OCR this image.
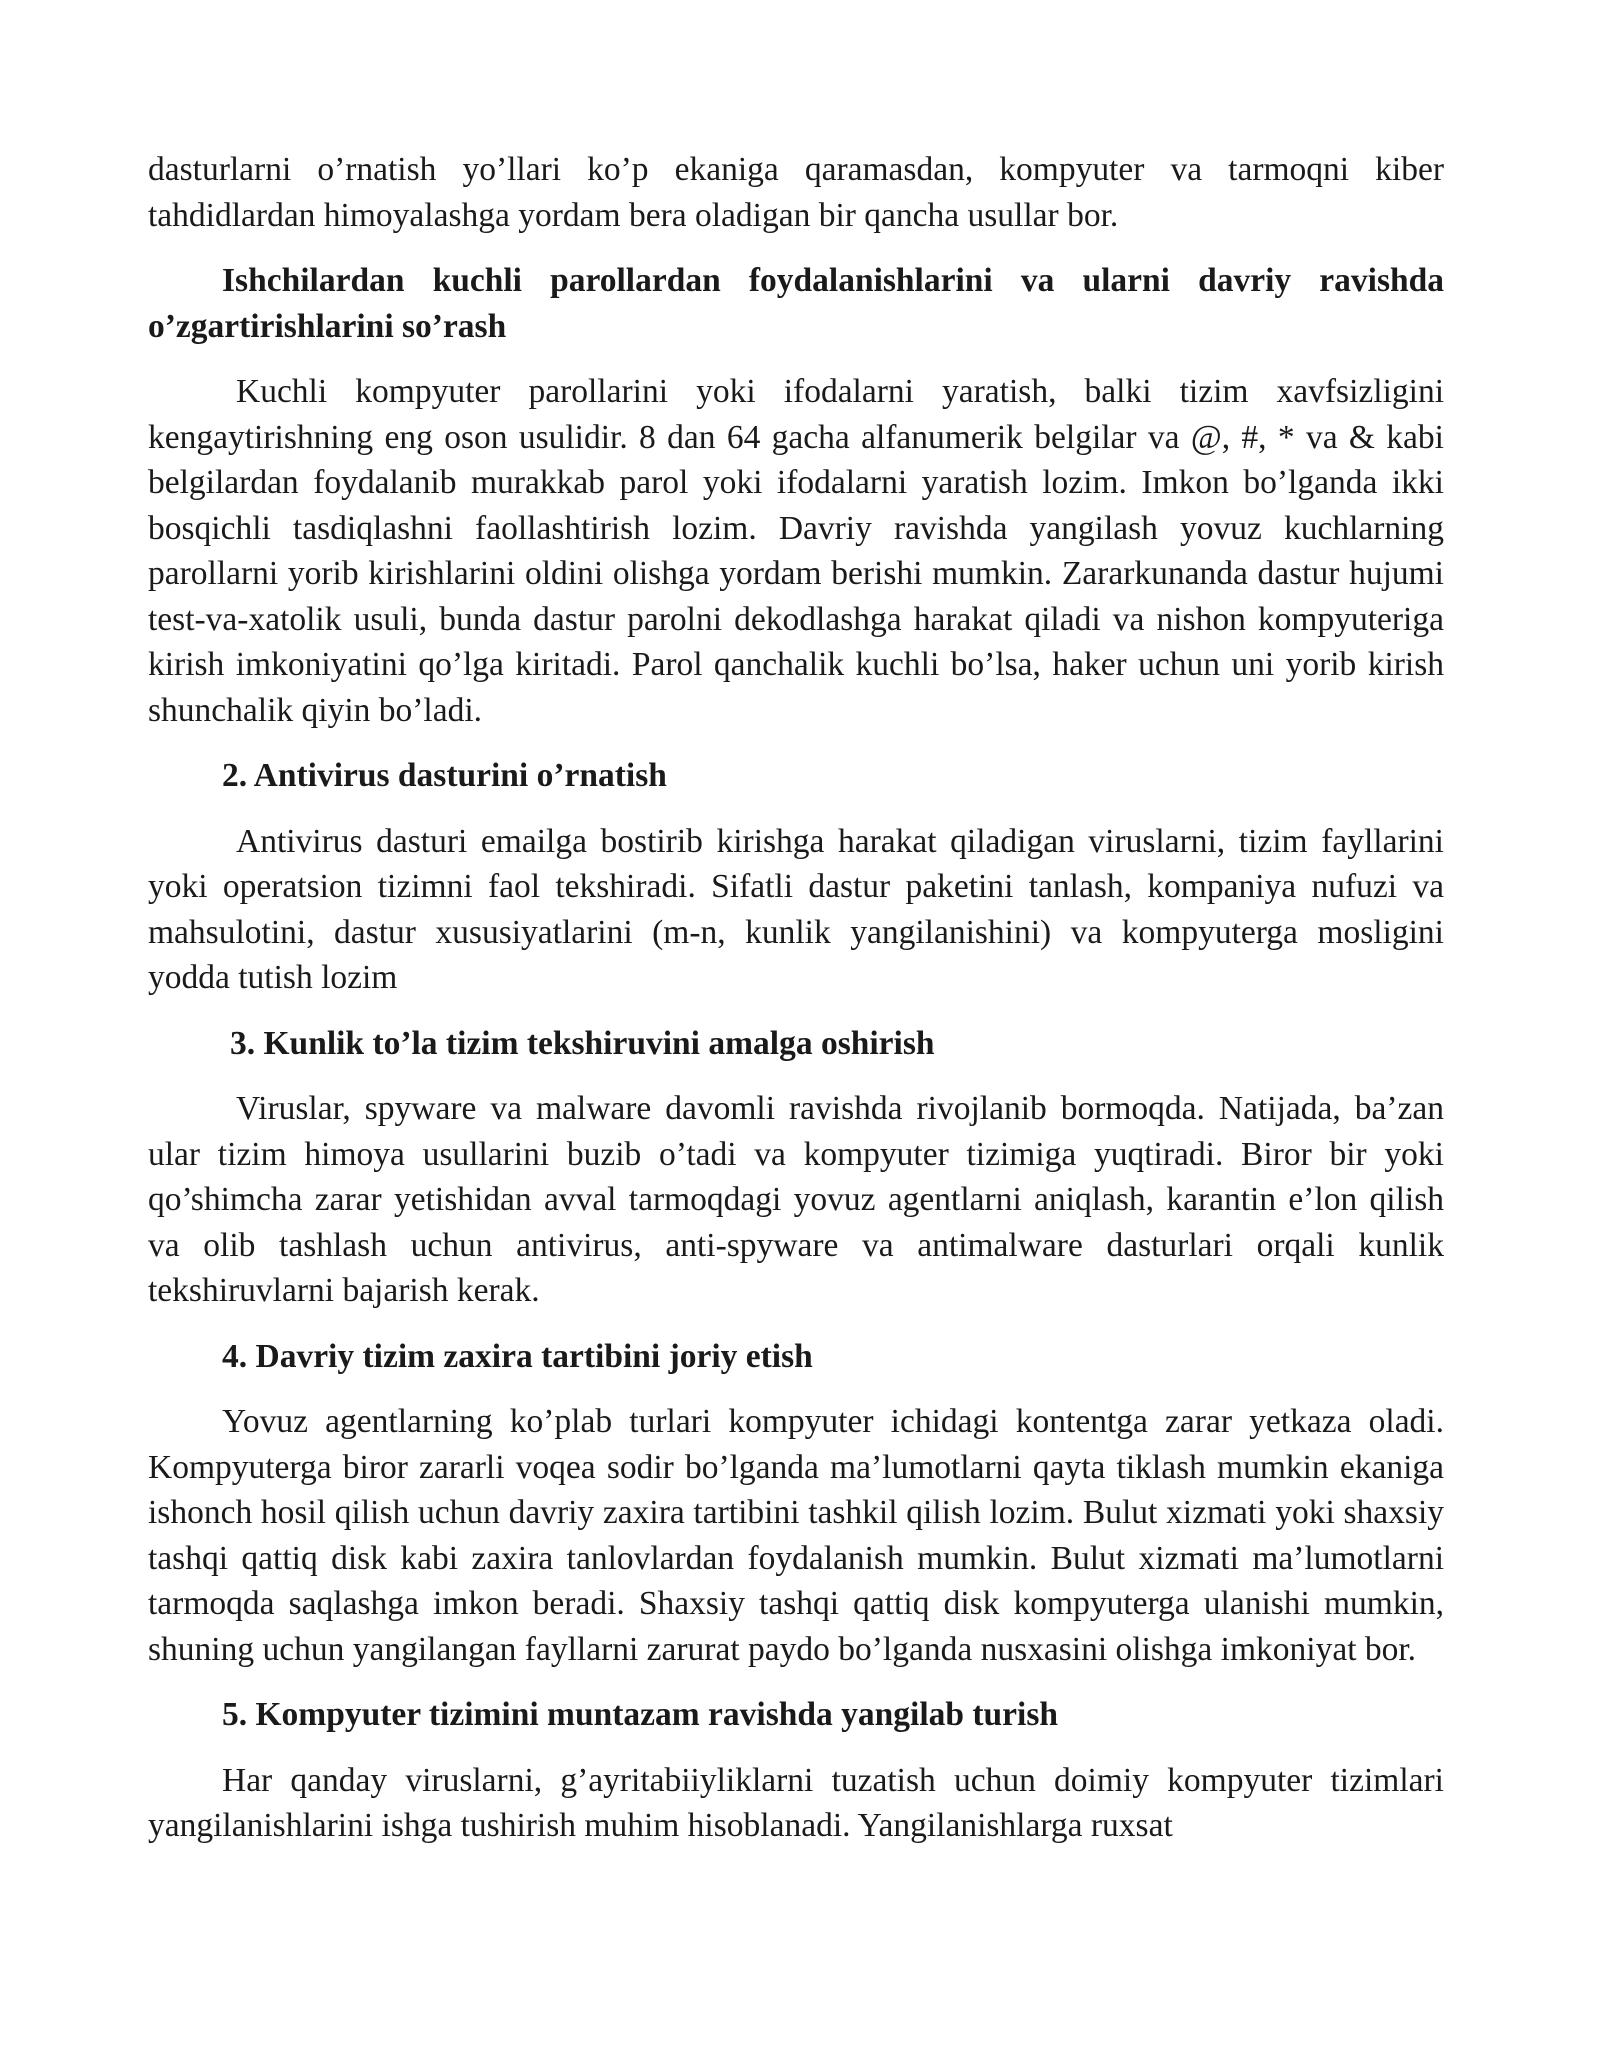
dasturlarni o’rnatish yo’llari ko’p ekaniga qaramasdan, kompyuter va tarmoqni kiber tahdidlardan himoyalashga yordam bera oladigan bir qancha usullar bor.

Ishchilardan kuchli parollardan foydalanishlarini va ularni davriy ravishda o’zgartirishlarini so’rash

Kuchli kompyuter parollarini yoki ifodalarni yaratish, balki tizim xavfsizligini kengaytirishning eng oson usulidir. 8 dan 64 gacha alfanumerik belgilar va @, #, * va & kabi belgilardan foydalanib murakkab parol yoki ifodalarni yaratish lozim. Imkon bo’lganda ikki bosqichli tasdiqlashni faollashtirish lozim. Davriy ravishda yangilash yovuz kuchlarning parollarni yorib kirishlarini oldini olishga yordam berishi mumkin. Zararkunanda dastur hujumi test-va-xatolik usuli, bunda dastur parolni dekodlashga harakat qiladi va nishon kompyuteriga kirish imkoniyatini qo’lga kiritadi. Parol qanchalik kuchli bo’lsa, haker uchun uni yorib kirish shunchalik qiyin bo’ladi.

2. Antivirus dasturini o’rnatish

Antivirus dasturi emailga bostirib kirishga harakat qiladigan viruslarni, tizim fayllarini yoki operatsion tizimni faol tekshiradi. Sifatli dastur paketini tanlash, kompaniya nufuzi va mahsulotini, dastur xususiyatlarini (m-n, kunlik yangilanishini) va kompyuterga mosligini yodda tutish lozim

3. Kunlik to’la tizim tekshiruvini amalga oshirish

Viruslar, spyware va malware davomli ravishda rivojlanib bormoqda. Natijada, ba’zan ular tizim himoya usullarini buzib o’tadi va kompyuter tizimiga yuqtiradi. Biror bir yoki qo’shimcha zarar yetishidan avval tarmoqdagi yovuz agentlarni aniqlash, karantin e’lon qilish va olib tashlash uchun antivirus, anti-spyware va antimalware dasturlari orqali kunlik tekshiruvlarni bajarish kerak.

4. Davriy tizim zaxira tartibini joriy etish

Yovuz agentlarning ko’plab turlari kompyuter ichidagi kontentga zarar yetkaza oladi. Kompyuterga biror zararli voqea sodir bo’lganda ma’lumotlarni qayta tiklash mumkin ekaniga ishonch hosil qilish uchun davriy zaxira tartibini tashkil qilish lozim. Bulut xizmati yoki shaxsiy tashqi qattiq disk kabi zaxira tanlovlardan foydalanish mumkin. Bulut xizmati ma’lumotlarni tarmoqda saqlashga imkon beradi. Shaxsiy tashqi qattiq disk kompyuterga ulanishi mumkin, shuning uchun yangilangan fayllarni zarurat paydo bo’lganda nusxasini olishga imkoniyat bor.

5. Kompyuter tizimini muntazam ravishda yangilab turish

Har qanday viruslarni, g’ayritabiiyliklarni tuzatish uchun doimiy kompyuter tizimlari yangilanishlarini ishga tushirish muhim hisoblanadi. Yangilanishlarga ruxsat
